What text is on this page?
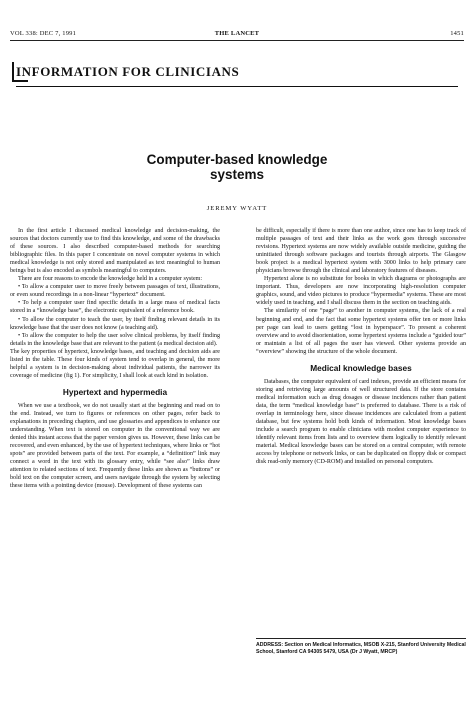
VOL 338: DEC 7, 1991	THE LANCET	1451
INFORMATION FOR CLINICIANS
Computer-based knowledge
systems
JEREMY WYATT

In the first article I discussed medical knowledge and decision-making, the sources that doctors currently use to find this knowledge, and some of the drawbacks of these sources. I also described computer-based methods for searching bibliographic files. In this paper I concentrate on novel computer systems in which medical knowledge is not only stored and manipulated as text meaningful to human beings but is also encoded as symbols meaningful to computers.

There are four reasons to encode the knowledge held in a computer system:

• To allow a computer user to move freely between passages of text, illustrations, or even sound recordings in a non-linear “hypertext” document.

• To help a computer user find specific details in a large mass of medical facts stored in a “knowledge base”, the electronic equivalent of a reference book.

• To allow the computer to teach the user, by itself finding relevant details in its knowledge base that the user does not know (a teaching aid).

• To allow the computer to help the user solve clinical problems, by itself finding details in the knowledge base that are relevant to the patient (a medical decision aid).

The key properties of hypertext, knowledge bases, and teaching and decision aids are listed in the table. These four kinds of system tend to overlap in general, the more helpful a system is in decision-making about individual patients, the narrower its coverage of medicine (fig 1). For simplicity, I shall look at each kind in isolation.

Hypertext and hypermedia

When we use a textbook, we do not usually start at the beginning and read on to the end. Instead, we turn to figures or references on other pages, refer back to explanations in preceding chapters, and use glossaries and appendices to enhance our understanding. When text is stored on computer in the conventional way we are denied this instant access that the paper version gives us. However, these links can be recovered, and even enhanced, by the use of hypertext techniques, where links or “hot spots” are provided between parts of the text. For example, a “definition” link may connect a word in the text with its glossary entry, while “see also” links draw attention to related sections of text. Frequently these links are shown as “buttons” or bold text on the computer screen, and users navigate through the system by selecting these items with a pointing device (mouse). Development of these systems can

be difficult, especially if there is more than one author, since one has to keep track of multiple passages of text and their links as the work goes through successive revisions. Hypertext systems are now widely available outside medicine, guiding the uninitiated through software packages and tourists through airports. The Glasgow book project is a medical hypertext system with 3000 links to help primary care physicians browse through the clinical and laboratory features of diseases.

Hypertext alone is no substitute for books in which diagrams or photographs are important. Thus, developers are now incorporating high-resolution computer graphics, sound, and video pictures to produce “hypermedia” systems. These are most widely used in teaching, and I shall discuss them in the section on teaching aids.

The similarity of one “page” to another in computer systems, the lack of a real beginning and end, and the fact that some hypertext systems offer ten or more links per page can lead to users getting “lost in hyperspace”. To present a coherent overview and to avoid disorientation, some hypertext systems include a “guided tour” or maintain a list of all pages the user has viewed. Other systems provide an “overview” showing the structure of the whole document.

Medical knowledge bases

Databases, the computer equivalent of card indexes, provide an efficient means for storing and retrieving large amounts of well structured data. If the store contains medical information such as drug dosages or disease incidences rather than patient data, the term “medical knowledge base” is preferred to database. There is a risk of overlap in terminology here, since disease incidences are calculated from a patient database, but few systems hold both kinds of information. Most knowledge bases include a search program to enable clinicians with modest computer experience to identify relevant items from lists and to overview them logically to identify relevant material. Medical knowledge bases can be stored on a central computer, with remote access by telephone or network links, or can be duplicated on floppy disk or compact disk read-only memory (CD-ROM) and installed on personal computers.

ADDRESS: Section on Medical Informatics, MSOB X-215, Stanford University Medical School, Stanford CA 94305 5479, USA (Dr J Wyatt, MRCP)
